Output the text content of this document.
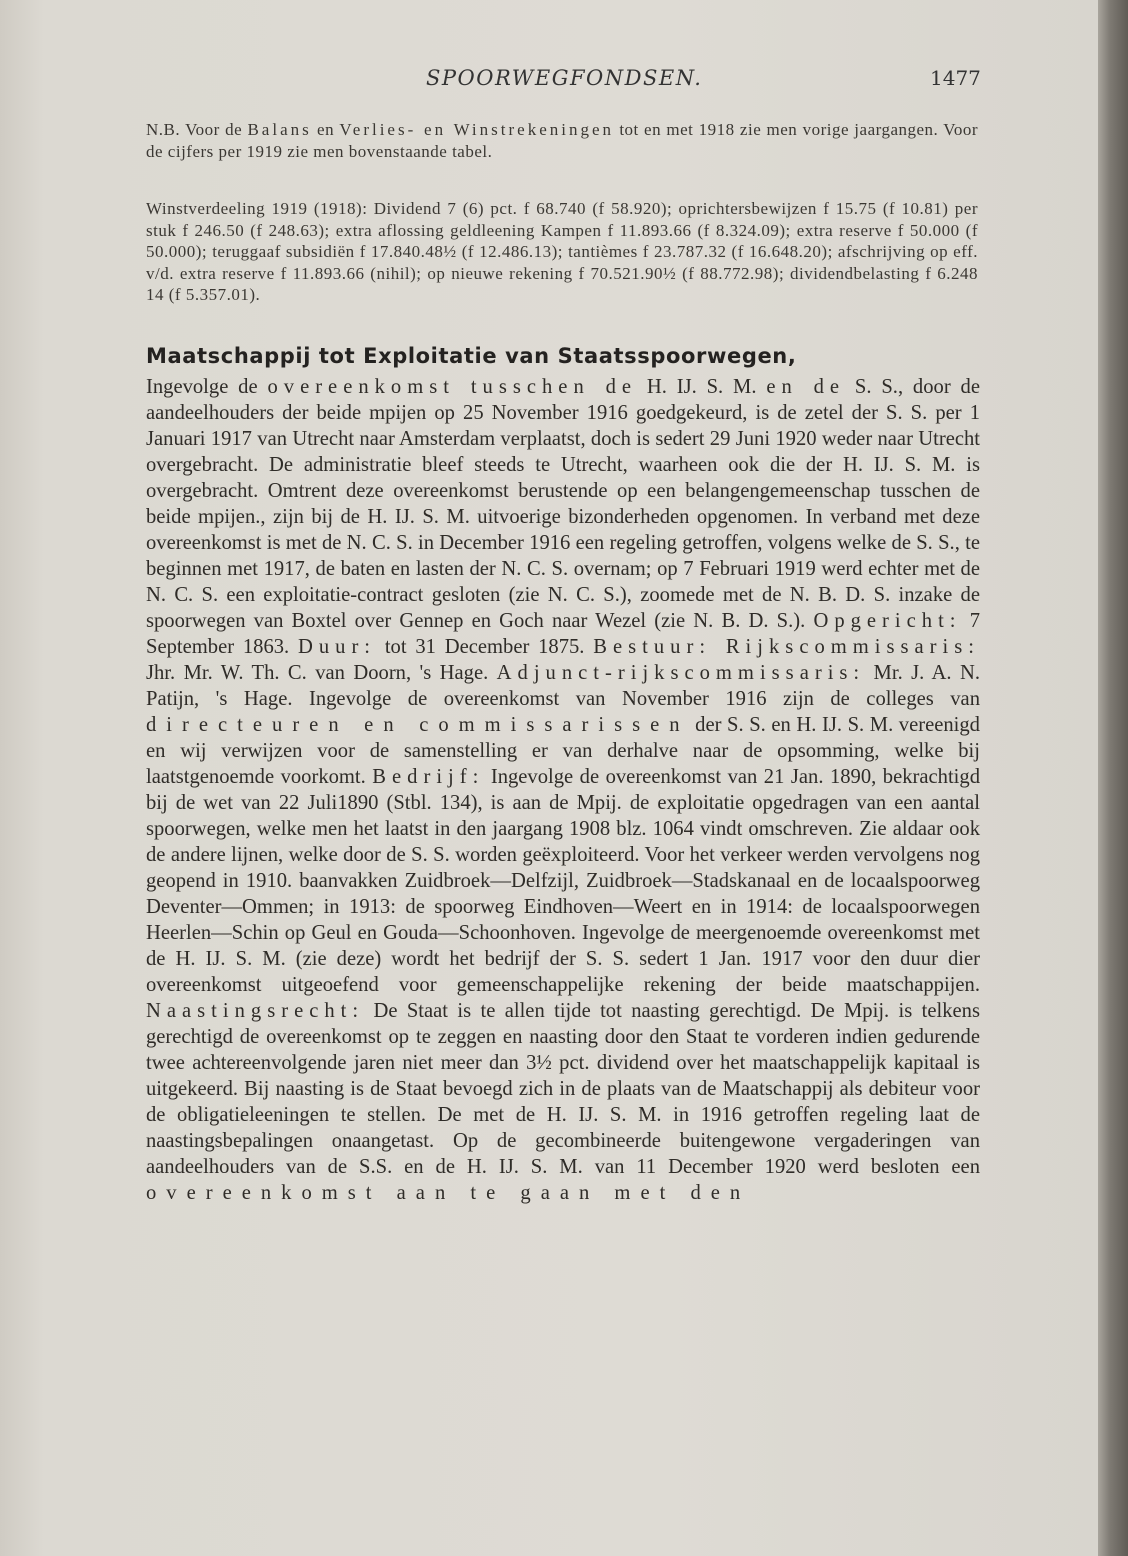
SPOORWEGFONDSEN.	1477

N.B. Voor de Balans en Verlies- en Winstrekeningen tot en met 1918 zie men vorige jaargangen. Voor de cijfers per 1919 zie men bovenstaande tabel.

Winstverdeeling 1919 (1918): Dividend 7 (6) pct. f 68.740 (f 58.920); oprichtersbewijzen f 15.75 (f 10.81) per stuk f 246.50 (f 248.63); extra aflossing geldleening Kampen f 11.893.66 (f 8.324.09); extra reserve f 50.000 (f 50.000); teruggaaf subsidiën f 17.840.48½ (f 12.486.13); tantièmes f 23.787.32 (f 16.648.20); afschrijving op eff. v/d. extra reserve f 11.893.66 (nihil); op nieuwe rekening f 70.521.90½ (f 88.772.98); dividendbelasting f 6.248 14 (f 5.357.01).

Maatschappij tot Exploitatie van Staatsspoorwegen,

Ingevolge de overeenkomst tusschen de H. IJ. S. M. en de S. S., door de aandeelhouders der beide mpijen op 25 November 1916 goedgekeurd, is de zetel der S. S. per 1 Januari 1917 van Utrecht naar Amsterdam verplaatst, doch is sedert 29 Juni 1920 weder naar Utrecht overgebracht. De administratie bleef steeds te Utrecht, waarheen ook die der H. IJ. S. M. is overgebracht. Omtrent deze overeenkomst berustende op een belangengemeenschap tusschen de beide mpijen., zijn bij de H. IJ. S. M. uitvoerige bizonderheden opgenomen. In verband met deze overeenkomst is met de N. C. S. in December 1916 een regeling getroffen, volgens welke de S. S., te beginnen met 1917, de baten en lasten der N. C. S. overnam; op 7 Februari 1919 werd echter met de N. C. S. een exploitatie-contract gesloten (zie N. C. S.), zoomede met de N. B. D. S. inzake de spoorwegen van Boxtel over Gennep en Goch naar Wezel (zie N. B. D. S.). Opgericht: 7 September 1863. Duur: tot 31 December 1875. Bestuur: Rijkscommissaris: Jhr. Mr. W. Th. C. van Doorn, 's Hage. Adjunct-rijkscommissaris: Mr. J. A. N. Patijn, 's Hage. Ingevolge de overeenkomst van November 1916 zijn de colleges van directeuren en commissarissen der S. S. en H. IJ. S. M. vereenigd en wij verwijzen voor de samenstelling er van derhalve naar de opsomming, welke bij laatstgenoemde voorkomt. Bedrijf: Ingevolge de overeenkomst van 21 Jan. 1890, bekrachtigd bij de wet van 22 Juli1890 (Stbl. 134), is aan de Mpij. de exploitatie opgedragen van een aantal spoorwegen, welke men het laatst in den jaargang 1908 blz. 1064 vindt omschreven. Zie aldaar ook de andere lijnen, welke door de S. S. worden geëxploiteerd. Voor het verkeer werden vervolgens nog geopend in 1910. baanvakken Zuidbroek—Delfzijl, Zuidbroek—Stadskanaal en de locaalspoorweg Deventer—Ommen; in 1913: de spoorweg Eindhoven—Weert en in 1914: de locaalspoorwegen Heerlen—Schin op Geul en Gouda—Schoonhoven. Ingevolge de meergenoemde overeenkomst met de H. IJ. S. M. (zie deze) wordt het bedrijf der S. S. sedert 1 Jan. 1917 voor den duur dier overeenkomst uitgeoefend voor gemeenschappelijke rekening der beide maatschappijen. Naastingsrecht: De Staat is te allen tijde tot naasting gerechtigd. De Mpij. is telkens gerechtigd de overeenkomst op te zeggen en naasting door den Staat te vorderen indien gedurende twee achtereenvolgende jaren niet meer dan 3½ pct. dividend over het maatschappelijk kapitaal is uitgekeerd. Bij naasting is de Staat bevoegd zich in de plaats van de Maatschappij als debiteur voor de obligatieleeningen te stellen. De met de H. IJ. S. M. in 1916 getroffen regeling laat de naastingsbepalingen onaangetast. Op de gecombineerde buitengewone vergaderingen van aandeelhouders van de S.S. en de H. IJ. S. M. van 11 December 1920 werd besloten een overeenkomst aan te gaan met den
